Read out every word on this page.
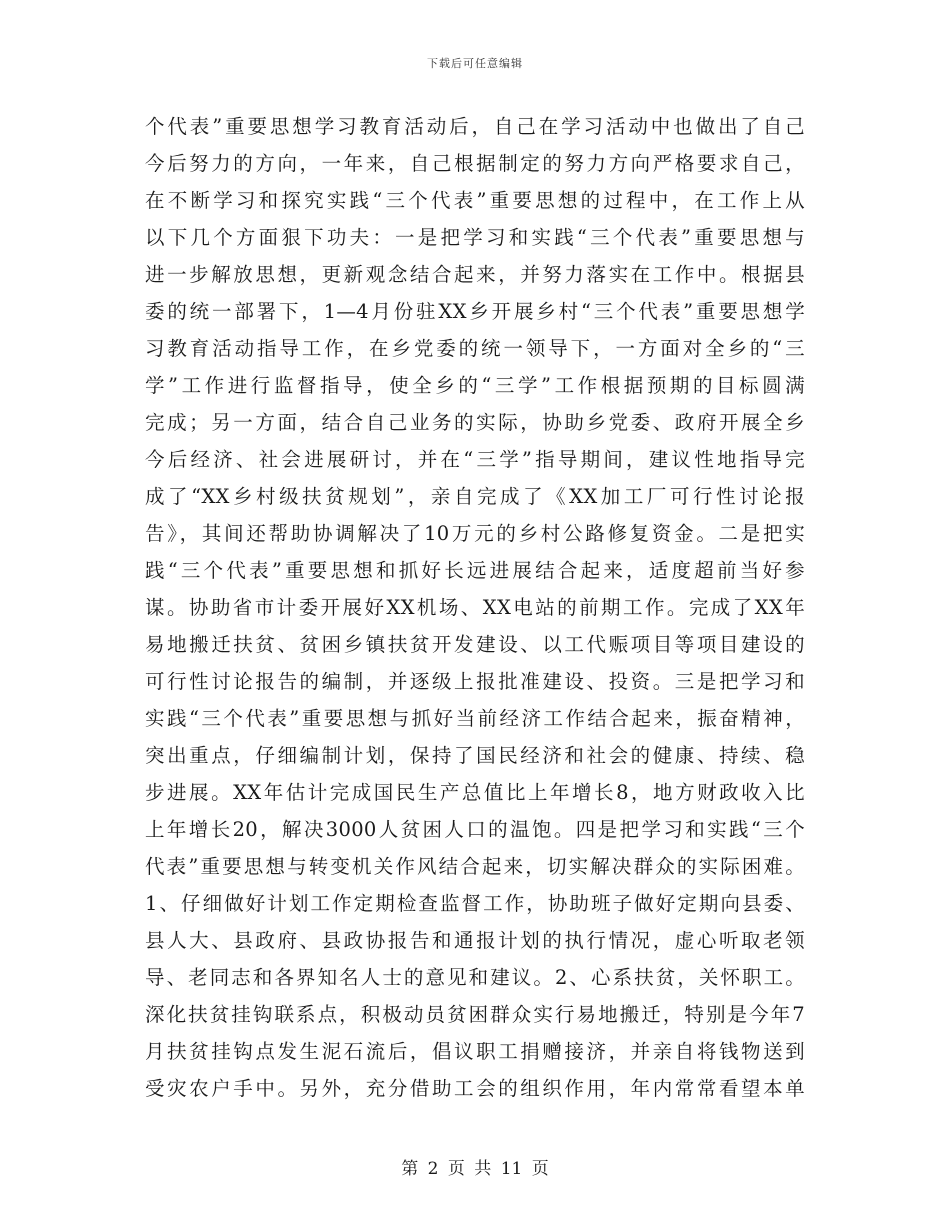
下载后可任意编辑
个代表”重要思想学习教育活动后，自己在学习活动中也做出了自己
今后努力的方向，一年来，自己根据制定的努力方向严格要求自己，
在不断学习和探究实践“三个代表”重要思想的过程中，在工作上从
以下几个方面狠下功夫：一是把学习和实践“三个代表”重要思想与
进一步解放思想，更新观念结合起来，并努力落实在工作中。根据县
委的统一部署下，1—4月份驻XX乡开展乡村“三个代表”重要思想学
习教育活动指导工作，在乡党委的统一领导下，一方面对全乡的“三
学”工作进行监督指导，使全乡的“三学”工作根据预期的目标圆满
完成；另一方面，结合自己业务的实际，协助乡党委、政府开展全乡
今后经济、社会进展研讨，并在“三学”指导期间，建议性地指导完
成了“XX乡村级扶贫规划”，亲自完成了《XX加工厂可行性讨论报
告》，其间还帮助协调解决了10万元的乡村公路修复资金。二是把实
践“三个代表”重要思想和抓好长远进展结合起来，适度超前当好参
谋。协助省市计委开展好XX机场、XX电站的前期工作。完成了XX年
易地搬迁扶贫、贫困乡镇扶贫开发建设、以工代赈项目等项目建设的
可行性讨论报告的编制，并逐级上报批准建设、投资。三是把学习和
实践“三个代表”重要思想与抓好当前经济工作结合起来，振奋精神，
突出重点，仔细编制计划，保持了国民经济和社会的健康、持续、稳
步进展。XX年估计完成国民生产总值比上年增长8，地方财政收入比
上年增长20，解决3000人贫困人口的温饱。四是把学习和实践“三个
代表”重要思想与转变机关作风结合起来，切实解决群众的实际困难。
1、仔细做好计划工作定期检查监督工作，协助班子做好定期向县委、
县人大、县政府、县政协报告和通报计划的执行情况，虚心听取老领
导、老同志和各界知名人士的意见和建议。2、心系扶贫，关怀职工。
深化扶贫挂钩联系点，积极动员贫困群众实行易地搬迁，特别是今年7
月扶贫挂钩点发生泥石流后，倡议职工捐赠接济，并亲自将钱物送到
受灾农户手中。另外，充分借助工会的组织作用，年内常常看望本单
第 2 页 共 11 页
